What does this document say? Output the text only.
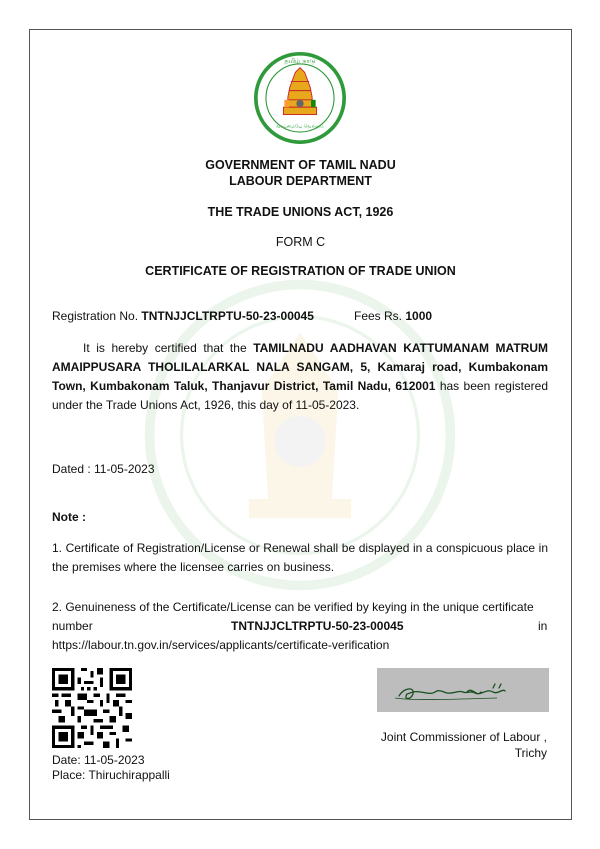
தமிழ் நாடு
வாய்மையே வெல்லும்
GOVERNMENT OF TAMIL NADU
LABOUR DEPARTMENT
THE TRADE UNIONS ACT, 1926
FORM C
CERTIFICATE OF REGISTRATION OF TRADE UNION
Registration No. TNTNJJCLTRPTU-50-23-00045	Fees Rs. 1000
It is hereby certified that the TAMILNADU AADHAVAN KATTUMANAM MATRUM AMAIPPUSARA THOLILALARKAL NALA SANGAM, 5, Kamaraj road, Kumbakonam Town, Kumbakonam Taluk, Thanjavur District, Tamil Nadu, 612001 has been registered under the Trade Unions Act, 1926, this day of 11-05-2023.
Dated : 11-05-2023
Note :
1. Certificate of Registration/License or Renewal shall be displayed in a conspicuous place in the premises where the licensee carries on business.
2. Genuineness of the Certificate/License can be verified by keying in the unique certificate
number	TNTNJJCLTRPTU-50-23-00045	in
https://labour.tn.gov.in/services/applicants/certificate-verification
Date: 11-05-2023
Place: Thiruchirappalli
Joint Commissioner of Labour ,
Trichy
